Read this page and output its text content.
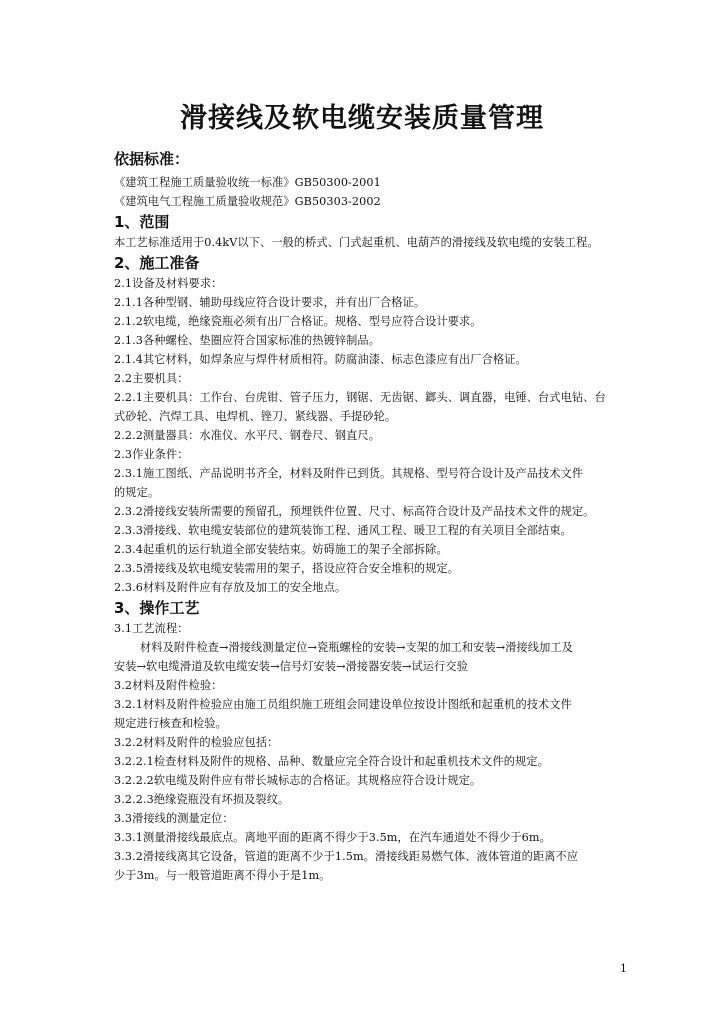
滑接线及软电缆安装质量管理
依据标准：
《建筑工程施工质量验收统一标准》GB50300-2001
《建筑电气工程施工质量验收规范》GB50303-2002
1、范围
本工艺标准适用于0.4kV以下、一般的桥式、门式起重机、电葫芦的滑接线及软电缆的安装工程。
2、施工准备
2.1设备及材料要求：
2.1.1各种型钢、辅助母线应符合设计要求，并有出厂合格证。
2.1.2软电缆，绝缘瓷瓶必须有出厂合格证。规格、型号应符合设计要求。
2.1.3各种螺栓、垫圈应符合国家标准的热镀锌制品。
2.1.4其它材料，如焊条应与焊件材质相符。防腐油漆、标志色漆应有出厂合格证。
2.2主要机具：
2.2.1主要机具：工作台、台虎钳、管子压力，钢锯、无齿锯、鎯头、调直器，电锤、台式电钻、台
式砂轮、汽焊工具、电焊机、锉刀、紧线器、手提砂轮。
2.2.2测量器具：水准仪、水平尺、钢卷尺、钢直尺。
2.3作业条件：
2.3.1施工图纸、产品说明书齐全，材料及附件已到货。其规格、型号符合设计及产品技术文件
的规定。
2.3.2滑接线安装所需要的预留孔，预埋铁件位置、尺寸、标高符合设计及产品技术文件的规定。
2.3.3滑接线、软电缆安装部位的建筑装饰工程、通风工程、暖卫工程的有关项目全部结束。
2.3.4起重机的运行轨道全部安装结束。妨碍施工的架子全部拆除。
2.3.5滑接线及软电缆安装需用的架子，搭设应符合安全堆积的规定。
2.3.6材料及附件应有存放及加工的安全地点。
3、操作工艺
3.1工艺流程：
材料及附件检查→滑接线测量定位→瓷瓶螺栓的安装→支架的加工和安装→滑接线加工及
安装→软电缆滑道及软电缆安装→信号灯安装→滑接器安装→试运行交验
3.2材料及附件检验：
3.2.1材料及附件检验应由施工员组织施工班组会同建设单位按设计图纸和起重机的技术文件
规定进行核查和检验。
3.2.2材料及附件的检验应包括：
3.2.2.1检查材料及附件的规格、品种、数量应完全符合设计和起重机技术文件的规定。
3.2.2.2软电缆及附件应有带长城标志的合格证。其规格应符合设计规定。
3.2.2.3绝缘瓷瓶没有坏损及裂纹。
3.3滑接线的测量定位：
3.3.1测量滑接线最底点。离地平面的距离不得少于3.5m，在汽车通道处不得少于6m。
3.3.2滑接线离其它设备，管道的距离不少于1.5m。滑接线距易燃气体、液体管道的距离不应
少于3m。与一般管道距离不得小于是1m。
1
